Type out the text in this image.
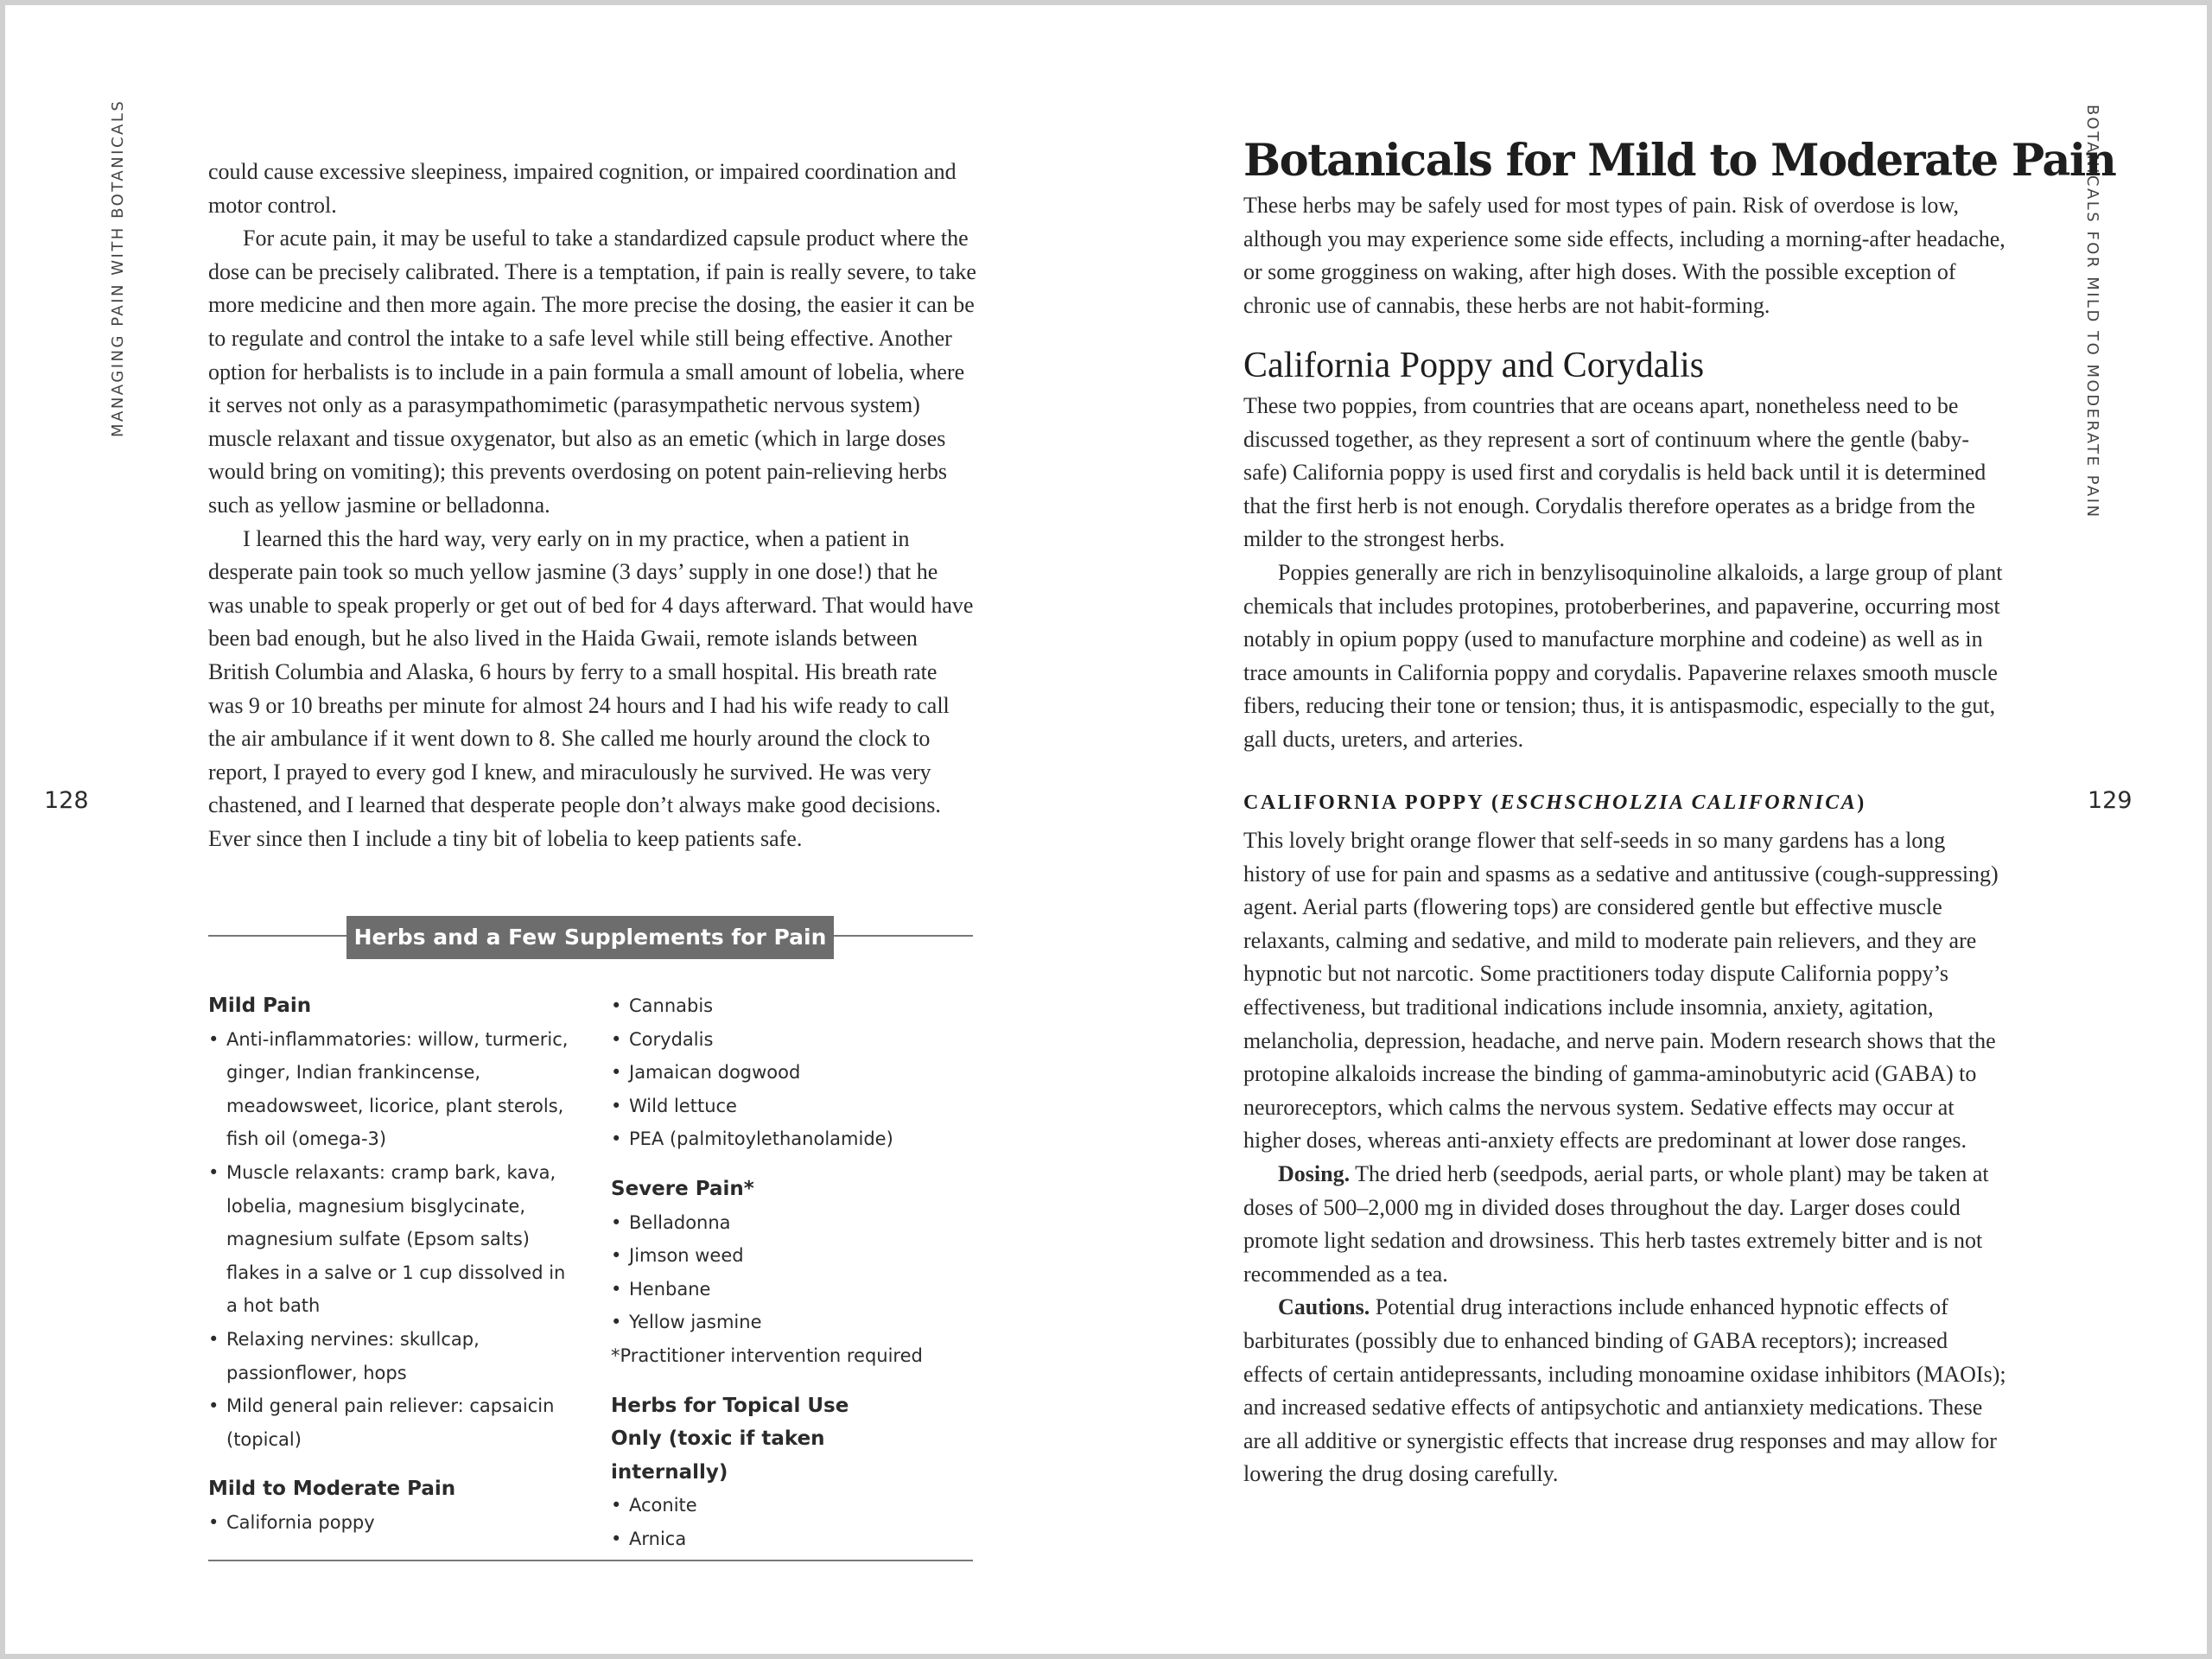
MANAGING PAIN WITH BOTANICALS	BOTANICALS FOR MILD TO MODERATE PAIN
128	129

could cause excessive sleepiness, impaired cognition, or impaired coordination and motor control.

For acute pain, it may be useful to take a standardized capsule product where the dose can be precisely calibrated. There is a temptation, if pain is really severe, to take more medicine and then more again. The more precise the dosing, the easier it can be to regulate and control the intake to a safe level while still being effective. Another option for herbalists is to include in a pain formula a small amount of lobelia, where it serves not only as a parasympathomimetic (parasympathetic nervous system) muscle relaxant and tissue oxygenator, but also as an emetic (which in large doses would bring on vomiting); this prevents overdosing on potent pain-relieving herbs such as yellow jasmine or belladonna.

I learned this the hard way, very early on in my practice, when a patient in desperate pain took so much yellow jasmine (3 days’ supply in one dose!) that he was unable to speak properly or get out of bed for 4 days afterward. That would have been bad enough, but he also lived in the Haida Gwaii, remote islands between British Columbia and Alaska, 6 hours by ferry to a small hospital. His breath rate was 9 or 10 breaths per minute for almost 24 hours and I had his wife ready to call the air ambulance if it went down to 8. She called me hourly around the clock to report, I prayed to every god I knew, and miraculously he survived. He was very chastened, and I learned that desperate people don’t always make good decisions. Ever since then I include a tiny bit of lobelia to keep patients safe.

Herbs and a Few Supplements for Pain
Mild Pain
• Anti-inflammatories: willow, turmeric, ginger, Indian frankincense, meadowsweet, licorice, plant sterols, fish oil (omega-3)
• Muscle relaxants: cramp bark, kava, lobelia, magnesium bisglycinate, magnesium sulfate (Epsom salts) flakes in a salve or 1 cup dissolved in a hot bath
• Relaxing nervines: skullcap, passionflower, hops
• Mild general pain reliever: capsaicin (topical)
Mild to Moderate Pain
• California poppy
• Cannabis
• Corydalis
• Jamaican dogwood
• Wild lettuce
• PEA (palmitoylethanolamide)
Severe Pain*
• Belladonna
• Jimson weed
• Henbane
• Yellow jasmine
*Practitioner intervention required
Herbs for Topical Use Only (toxic if taken internally)
• Aconite
• Arnica
Botanicals for Mild to Moderate Pain

These herbs may be safely used for most types of pain. Risk of overdose is low, although you may experience some side effects, including a morning-after headache, or some grogginess on waking, after high doses. With the possible exception of chronic use of cannabis, these herbs are not habit-forming.

California Poppy and Corydalis

These two poppies, from countries that are oceans apart, nonetheless need to be discussed together, as they represent a sort of continuum where the gentle (baby-safe) California poppy is used first and corydalis is held back until it is determined that the first herb is not enough. Corydalis therefore operates as a bridge from the milder to the strongest herbs.

Poppies generally are rich in benzylisoquinoline alkaloids, a large group of plant chemicals that includes protopines, protoberberines, and papaverine, occurring most notably in opium poppy (used to manufacture morphine and codeine) as well as in trace amounts in California poppy and corydalis. Papaverine relaxes smooth muscle fibers, reducing their tone or tension; thus, it is antispasmodic, especially to the gut, gall ducts, ureters, and arteries.

CALIFORNIA POPPY (ESCHSCHOLZIA CALIFORNICA)

This lovely bright orange flower that self-seeds in so many gardens has a long history of use for pain and spasms as a sedative and antitussive (cough-suppressing) agent. Aerial parts (flowering tops) are considered gentle but effective muscle relaxants, calming and sedative, and mild to moderate pain relievers, and they are hypnotic but not narcotic. Some practitioners today dispute California poppy’s effectiveness, but traditional indications include insomnia, anxiety, agitation, melancholia, depression, headache, and nerve pain. Modern research shows that the protopine alkaloids increase the binding of gamma-aminobutyric acid (GABA) to neuroreceptors, which calms the nervous system. Sedative effects may occur at higher doses, whereas anti-anxiety effects are predominant at lower dose ranges.

Dosing. The dried herb (seedpods, aerial parts, or whole plant) may be taken at doses of 500–2,000 mg in divided doses throughout the day. Larger doses could promote light sedation and drowsiness. This herb tastes extremely bitter and is not recommended as a tea.

Cautions. Potential drug interactions include enhanced hypnotic effects of barbiturates (possibly due to enhanced binding of GABA receptors); increased effects of certain antidepressants, including monoamine oxidase inhibitors (MAOIs); and increased sedative effects of antipsychotic and antianxiety medications. These are all additive or synergistic effects that increase drug responses and may allow for lowering the drug dosing carefully.
